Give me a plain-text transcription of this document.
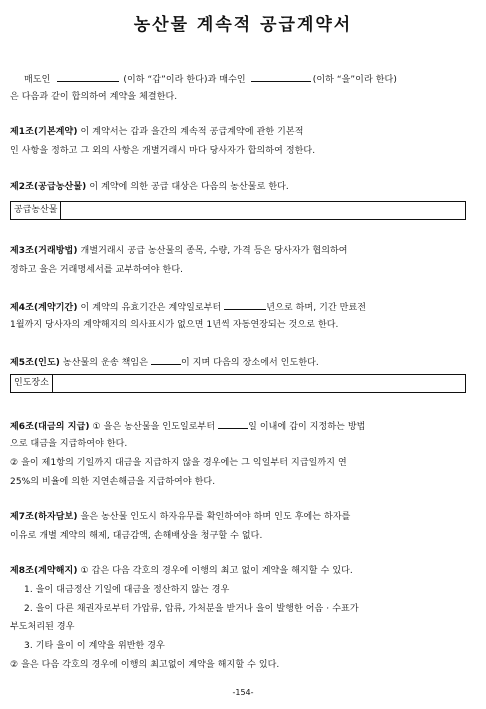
농산물 계속적 공급계약서
매도인	(이하 “갑”이라 한다)과 매수인	(이하 “을”이라 한다)
은 다음과 같이 합의하여 계약을 체결한다.
제1조(기본계약) 이 계약서는 갑과 을간의 계속적 공급계약에 관한 기본적
인 사항을 정하고 그 외의 사항은 개별거래시 마다 당사자가 합의하여 정한다.
제2조(공급농산물) 이 계약에 의한 공급 대상은 다음의 농산물로 한다.
공급농산물
제3조(거래방법) 개별거래시 공급 농산물의 종목, 수량, 가격 등은 당사자가 협의하여
정하고 을은 거래명세서를 교부하여야 한다.
제4조(계약기간) 이 계약의 유효기간은 계약일로부터	년으로 하며, 기간 만료전
1월까지 당사자의 계약해지의 의사표시가 없으면 1년씩 자동연장되는 것으로 한다.
제5조(인도) 농산물의 운송 책임은	이 지며 다음의 장소에서 인도한다.
인도장소
제6조(대금의 지급) ① 을은 농산물을 인도일로부터	일 이내에 갑이 지정하는 방법
으로 대금을 지급하여야 한다.
② 을이 제1항의 기일까지 대금을 지급하지 않을 경우에는 그 익일부터 지급일까지 연
25%의 비율에 의한 지연손해금을 지급하여야 한다.
제7조(하자담보) 을은 농산물 인도시 하자유무를 확인하여야 하며 인도 후에는 하자를
이유로 개별 계약의 해제, 대금감액, 손해배상을 청구할 수 없다.
제8조(계약해지) ① 갑은 다음 각호의 경우에 이행의 최고 없이 계약을 해지할 수 있다.
1. 을이 대금정산 기일에 대금을 정산하지 않는 경우
2. 을이 다른 채권자로부터 가압류, 압류, 가처분을 받거나 을이 발행한 어음 · 수표가
부도처리된 경우
3. 기타 을이 이 계약을 위반한 경우
② 을은 다음 각호의 경우에 이행의 최고없이 계약을 해지할 수 있다.
-154-
